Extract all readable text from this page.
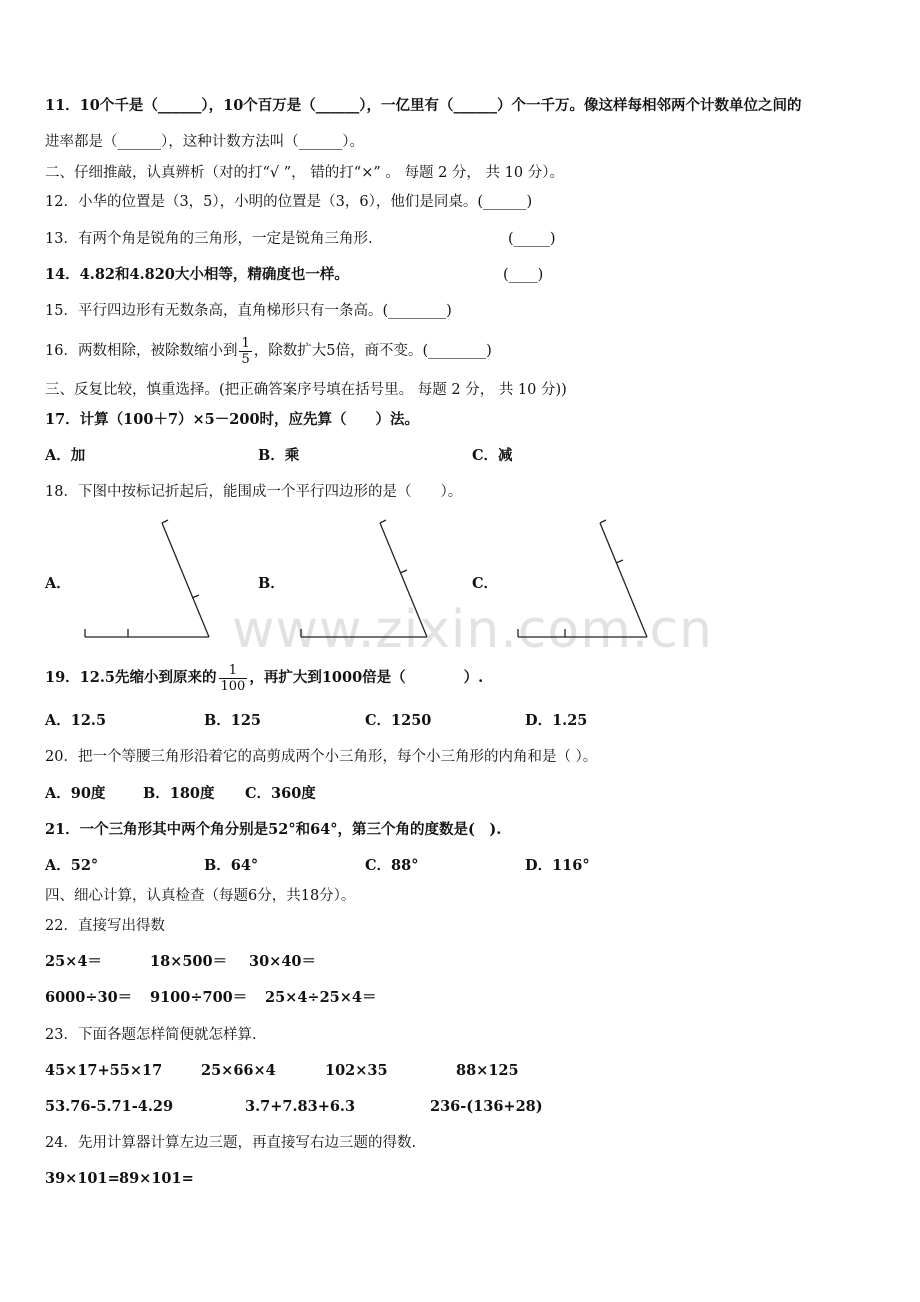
www.zixin.com.cn
11．10个千是（______），10个百万是（______），一亿里有（______）个一千万。像这样每相邻两个计数单位之间的
进率都是（______），这种计数方法叫（______）。
二、仔细推敲，认真辨析（对的打“√ ”， 错的打“×” 。 每题 2 分， 共 10 分）。
12．小华的位置是（3，5），小明的位置是（3，6），他们是同桌。(______)
13．有两个角是锐角的三角形，一定是锐角三角形.	(_____)
14．4.82和4.820大小相等，精确度也一样。	(____)
15．平行四边形有无数条高，直角梯形只有一条高。(________)
16．两数相除，被除数缩小到 $\frac{1}{5}$ ，除数扩大5倍，商不变。(________)
三、反复比较，慎重选择。(把正确答案序号填在括号里。 每题 2 分， 共 10 分))
17．计算（100＋7）×5－200时，应先算（　　）法。
A．加	B．乘	C．减
18．下图中按标记折起后，能围成一个平行四边形的是（　　）。
A．	B．	C．
19．12.5先缩小到原来的 $\frac{1}{100}$ ，再扩大到1000倍是（　　　　）.
A．12.5	B．125	C．1250	D．1.25
20．把一个等腰三角形沿着它的高剪成两个小三角形，每个小三角形的内角和是（ ）。
A．90度	B．180度 C．360度
21．一个三角形其中两个角分别是52°和64°，第三个角的度数是(　).
A．52°	B．64°	C．88°	D．116°
四、细心计算，认真检查（每题6分，共18分）。
22．直接写出得数
25×4＝	18×500＝ 30×40＝
6000÷30＝ 9100÷700＝ 25×4÷25×4＝
23．下面各题怎样简便就怎样算.
45×17+55×17	25×66×4	102×35	88×125
53.76-5.71-4.29	3.7+7.83+6.3	236-(136+28)
24．先用计算器计算左边三题，再直接写右边三题的得数.
39×101= 89×101=
